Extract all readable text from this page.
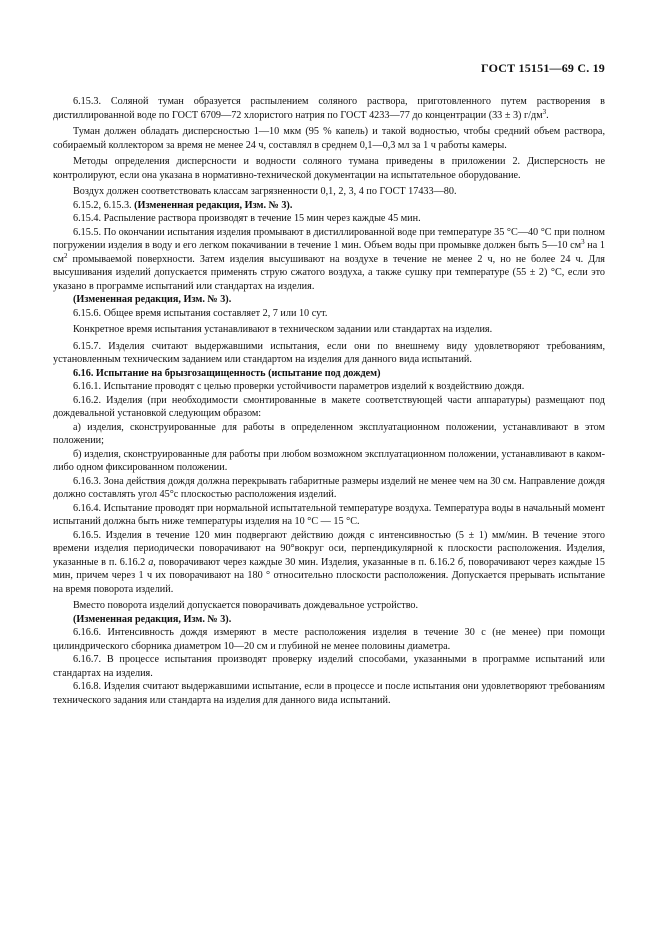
ГОСТ 15151—69 С. 19

6.15.3. Соляной туман образуется распылением соляного раствора, приготовленного путем растворения в дистиллированной воде по ГОСТ 6709—72 хлористого натрия по ГОСТ 4233—77 до концентрации (33 ± 3) $г/дм^3$.

Туман должен обладать дисперсностью 1—10 мкм (95 % капель) и такой водностью, чтобы средний объем раствора, собираемый коллектором за время не менее 24 ч, составлял в среднем 0,1—0,3 мл за 1 ч работы камеры.

Методы определения дисперсности и водности соляного тумана приведены в приложении 2. Дисперсность не контролируют, если она указана в нормативно-технической документации на испытательное оборудование.

Воздух должен соответствовать классам загрязненности 0,1, 2, 3, 4 по ГОСТ 17433—80.

6.15.2, 6.15.3. (Измененная редакция, Изм. № 3).

6.15.4. Распыление раствора производят в течение 15 мин через каждые 45 мин.

6.15.5. По окончании испытания изделия промывают в дистиллированной воде при температуре 35 °С—40 °С при полном погружении изделия в воду и его легком покачивании в течение 1 мин. Объем воды при промывке должен быть 5—10 $см^3$ на 1 $см^2$ промываемой поверхности. Затем изделия высушивают на воздухе в течение не менее 2 ч, но не более 24 ч. Для высушивания изделий допускается применять струю сжатого воздуха, а также сушку при температуре (55 ± 2) °С, если это указано в программе испытаний или стандартах на изделия.

(Измененная редакция, Изм. № 3).

6.15.6. Общее время испытания составляет 2, 7 или 10 сут.

Конкретное время испытания устанавливают в техническом задании или стандартах на изделия.

6.15.7. Изделия считают выдержавшими испытания, если они по внешнему виду удовлетворяют требованиям, установленным техническим заданием или стандартом на изделия для данного вида испытаний.

6.16. Испытание на брызгозащищенность (испытание под дождем)

6.16.1. Испытание проводят с целью проверки устойчивости параметров изделий к воздействию дождя.

6.16.2. Изделия (при необходимости смонтированные в макете соответствующей части аппаратуры) размещают под дождевальной установкой следующим образом:

а) изделия, сконструированные для работы в определенном эксплуатационном положении, устанавливают в этом положении;

б) изделия, сконструированные для работы при любом возможном эксплуатационном положении, устанавливают в каком-либо одном фиксированном положении.

6.16.3. Зона действия дождя должна перекрывать габаритные размеры изделий не менее чем на 30 см. Направление дождя должно составлять угол 45°с плоскостью расположения изделий.

6.16.4. Испытание проводят при нормальной испытательной температуре воздуха. Температура воды в начальный момент испытаний должна быть ниже температуры изделия на 10 °С — 15 °С.

6.16.5. Изделия в течение 120 мин подвергают действию дождя с интенсивностью (5 ± 1) мм/мин. В течение этого времени изделия периодически поворачивают на 90°вокруг оси, перпендикулярной к плоскости расположения. Изделия, указанные в п. 6.16.2 а, поворачивают через каждые 30 мин. Изделия, указанные в п. 6.16.2 б, поворачивают через каждые 15 мин, причем через 1 ч их поворачивают на 180 ° относительно плоскости расположения. Допускается прерывать испытание на время поворота изделий.

Вместо поворота изделий допускается поворачивать дождевальное устройство.

(Измененная редакция, Изм. № 3).

6.16.6. Интенсивность дождя измеряют в месте расположения изделия в течение 30 с (не менее) при помощи цилиндрического сборника диаметром 10—20 см и глубиной не менее половины диаметра.

6.16.7. В процессе испытания производят проверку изделий способами, указанными в программе испытаний или стандартах на изделия.

6.16.8. Изделия считают выдержавшими испытание, если в процессе и после испытания они удовлетворяют требованиям технического задания или стандарта на изделия для данного вида испытаний.
